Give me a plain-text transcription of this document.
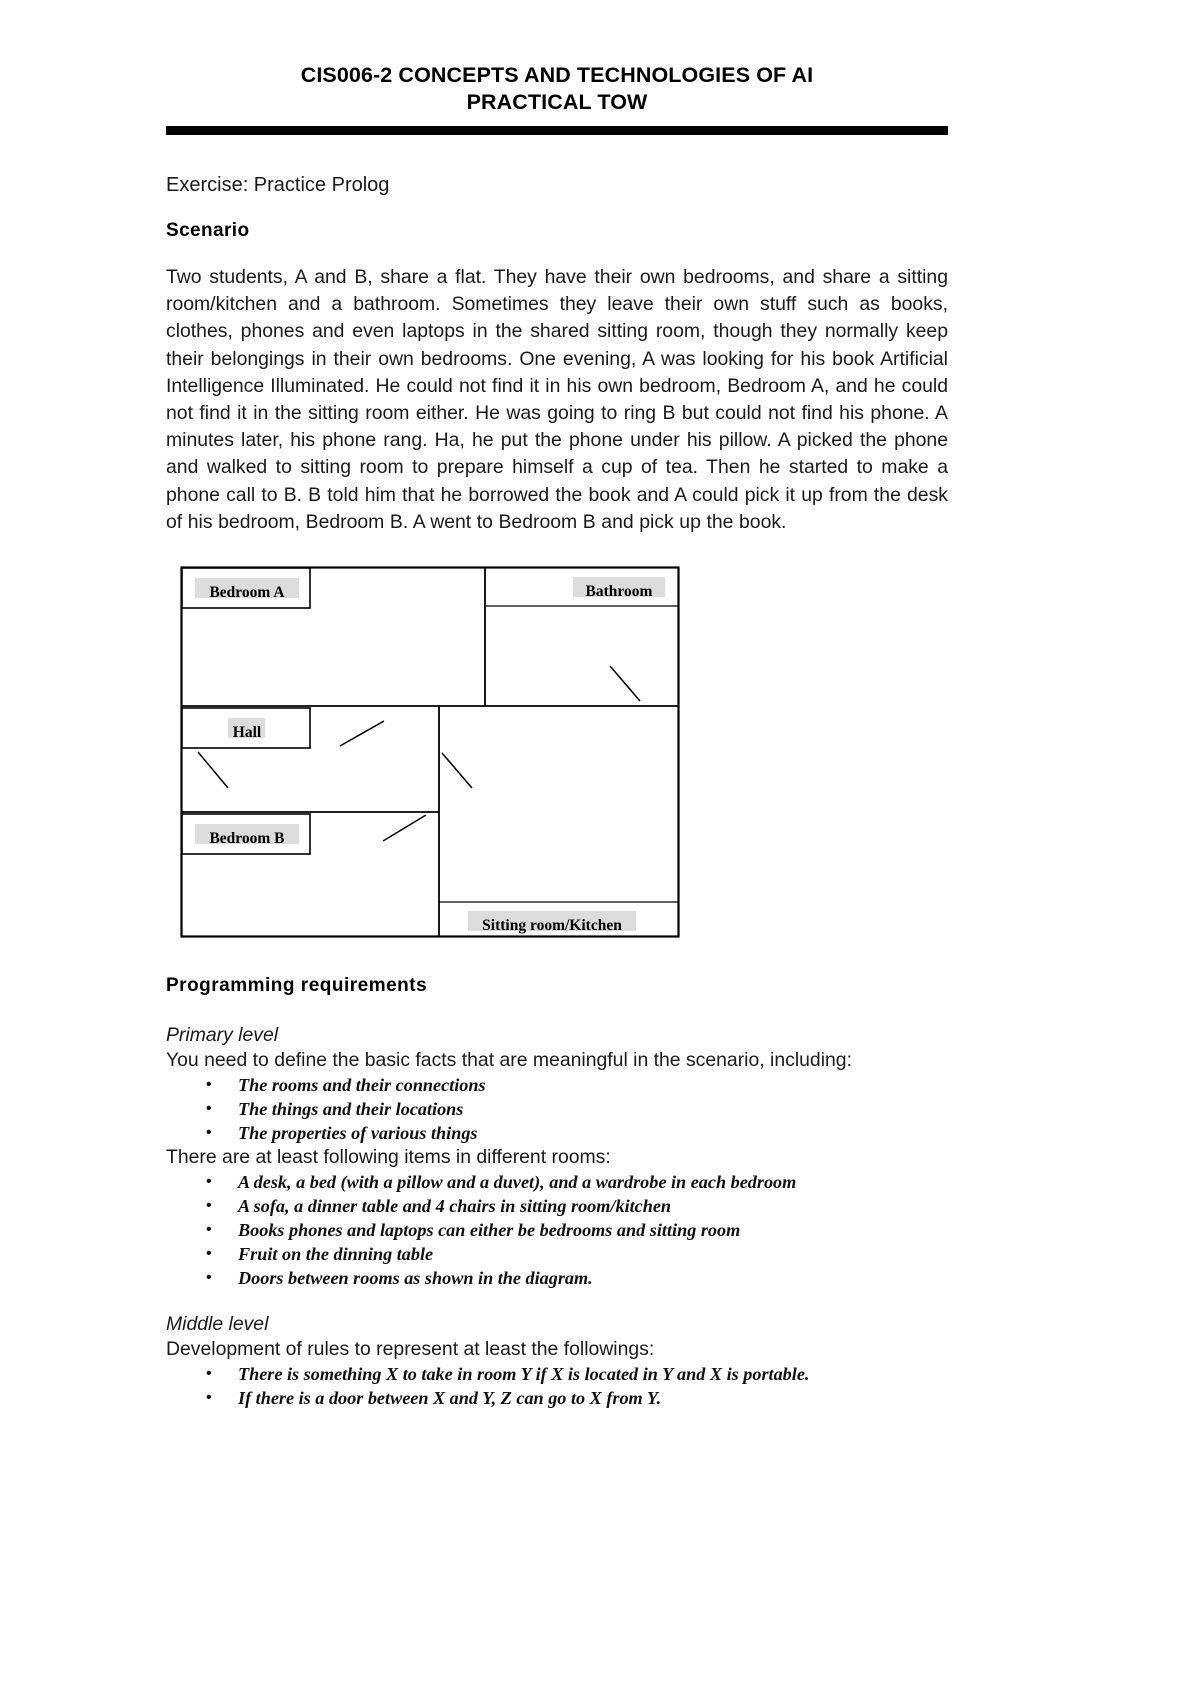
CIS006-2 CONCEPTS AND TECHNOLOGIES OF AI
PRACTICAL TOW
Exercise: Practice Prolog
Scenario

Two students, A and B, share a flat. They have their own bedrooms, and share a sitting room/kitchen and a bathroom. Sometimes they leave their own stuff such as books, clothes, phones and even laptops in the shared sitting room, though they normally keep their belongings in their own bedrooms. One evening, A was looking for his book Artificial Intelligence Illuminated. He could not find it in his own bedroom, Bedroom A, and he could not find it in the sitting room either. He was going to ring B but could not find his phone. A minutes later, his phone rang. Ha, he put the phone under his pillow. A picked the phone and walked to sitting room to prepare himself a cup of tea. Then he started to make a phone call to B. B told him that he borrowed the book and A could pick it up from the desk of his bedroom, Bedroom B. A went to Bedroom B and pick up the book.

Bedroom A	Bathroom
Hall
Bedroom B
Sitting room/Kitchen
Programming requirements
Primary level
You need to define the basic facts that are meaningful in the scenario, including:
• The rooms and their connections
• The things and their locations
• The properties of various things
There are at least following items in different rooms:
• A desk, a bed (with a pillow and a duvet), and a wardrobe in each bedroom
• A sofa, a dinner table and 4 chairs in sitting room/kitchen
• Books phones and laptops can either be bedrooms and sitting room
• Fruit on the dinning table
• Doors between rooms as shown in the diagram.
Middle level
Development of rules to represent at least the followings:
• There is something X to take in room Y if X is located in Y and X is portable.
• If there is a door between X and Y, Z can go to X from Y.
